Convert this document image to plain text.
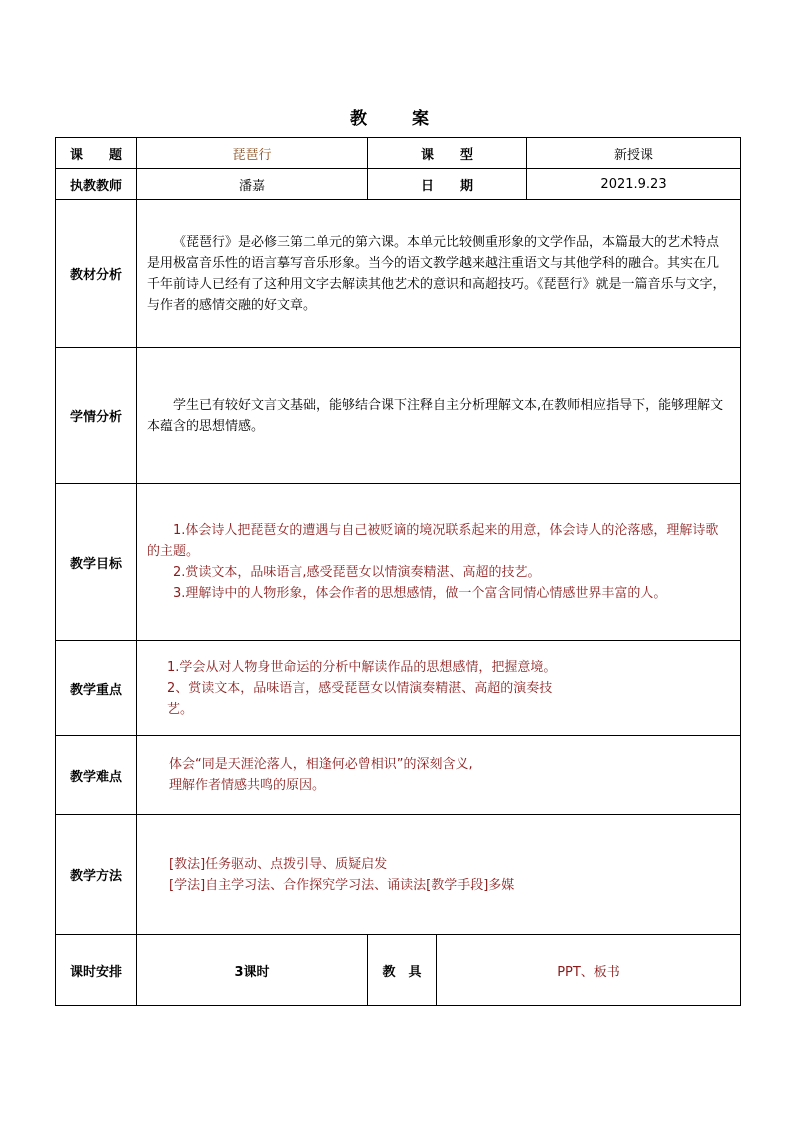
教　案
课　　题	琵琶行	课　　型		新授课
执教教师	潘嘉	日　　期		2021.9.23
教材分析	《琵琶行》是必修三第二单元的第六课。本单元比较侧重形象的文学作品，本篇最大的艺术特点是用极富音乐性的语言摹写音乐形象。当今的语文教学越来越注重语文与其他学科的融合。其实在几千年前诗人已经有了这种用文字去解读其他艺术的意识和高超技巧。《琵琶行》就是一篇音乐与文字，与作者的感情交融的好文章。			

学情分析	学生已有较好文言文基础，能够结合课下注释自主分析理解文本,在教师相应指导下，能够理解文本蕴含的思想情感。			

教学目标	1.体会诗人把琵琶女的遭遇与自己被贬谪的境况联系起来的用意，体会诗人的沦落感，理解诗歌的主题。

2.赏读文本，品味语言,感受琵琶女以情演奏精湛、高超的技艺。

3.理解诗中的人物形象，体会作者的思想感情，做一个富含同情心情感世界丰富的人。			

教学重点	1.学会从对人物身世命运的分析中解读作品的思想感情，把握意境。

2、赏读文本，品味语言，感受琵琶女以情演奏精湛、高超的演奏技

艺。			

教学难点	体会“同是天涯沦落人，相逢何必曾相识”的深刻含义,

理解作者情感共鸣的原因。			

教学方法	[教法]任务驱动、点拨引导、质疑启发

[学法]自主学习法、合作探究学习法、诵读法[教学手段]多媒			

课时安排	3课时	教　具	PPT、板书	
